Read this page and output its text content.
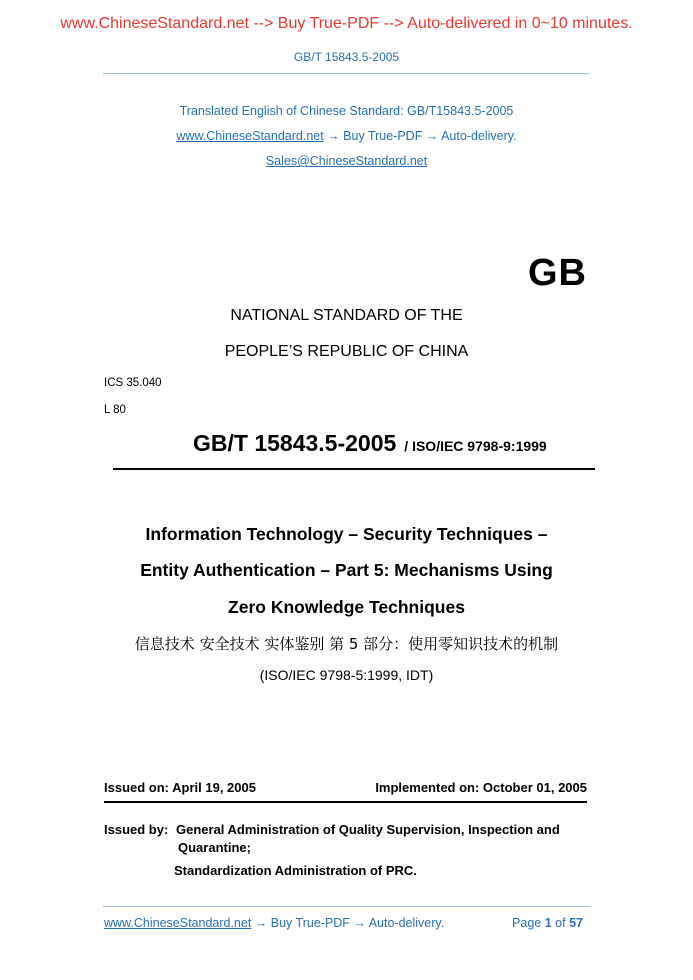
www.ChineseStandard.net --> Buy True-PDF --> Auto-delivered in 0~10 minutes.
GB/T 15843.5-2005
Translated English of Chinese Standard: GB/T15843.5-2005
www.ChineseStandard.net → Buy True-PDF → Auto-delivery.
Sales@ChineseStandard.net
GB
NATIONAL STANDARD OF THE
PEOPLE’S REPUBLIC OF CHINA
ICS 35.040
L 80
GB/T 15843.5-2005 / ISO/IEC 9798-9:1999
Information Technology – Security Techniques –
Entity Authentication – Part 5: Mechanisms Using
Zero Knowledge Techniques
信息技术 安全技术 实体鉴别 第 5 部分：使用零知识技术的机制
(ISO/IEC 9798-5:1999, IDT)
Issued on: April 19, 2005	Implemented on: October 01, 2005
Issued by: General Administration of Quality Supervision, Inspection and
Quarantine;
Standardization Administration of PRC.
www.ChineseStandard.net → Buy True-PDF → Auto-delivery.	Page 1 of 57
